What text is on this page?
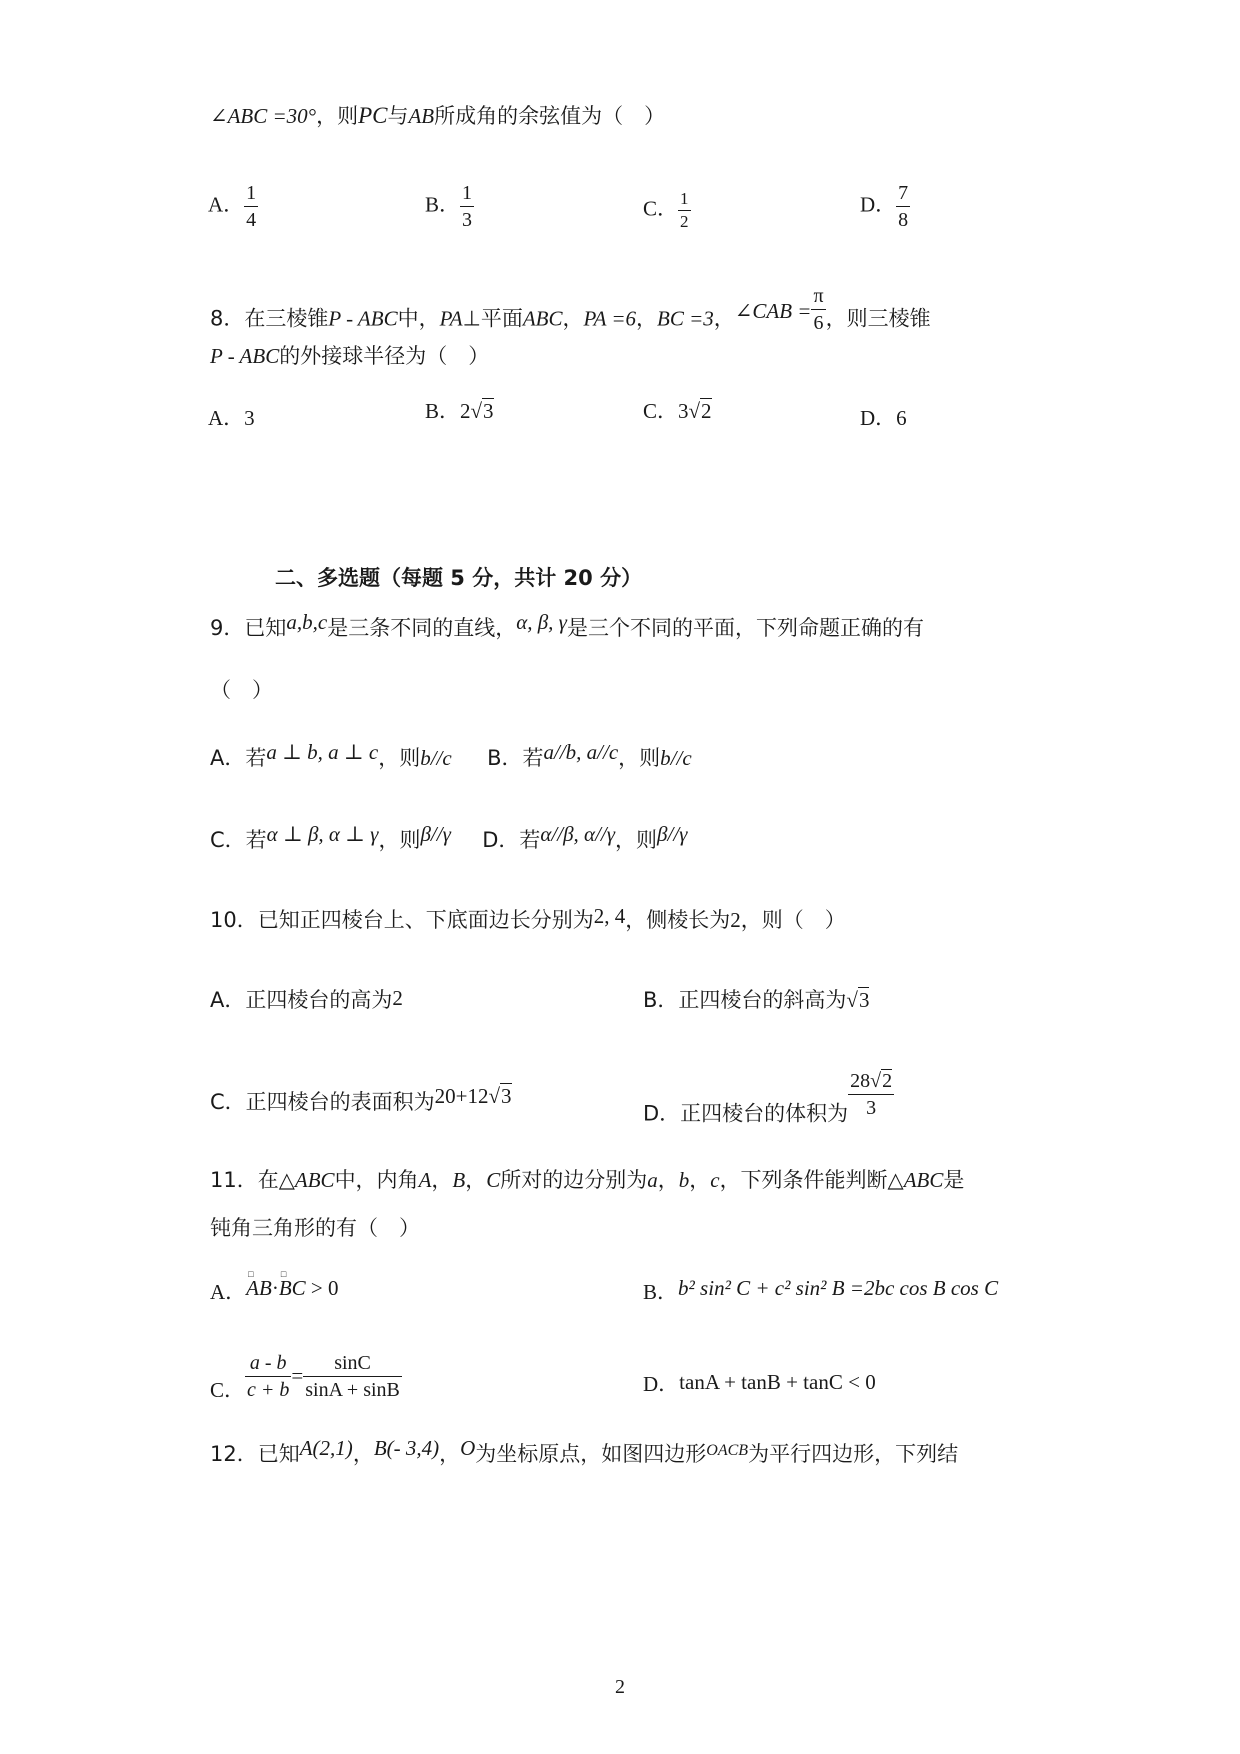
∠ABC =30°，则PC与AB所成角的余弦值为（　）
A． $\frac{1}{4}$	B． $\frac{1}{3}$	C． $\frac{1}{2}$	D． $\frac{7}{8}$
8．在三棱锥P - ABC中，PA⊥平面ABC，PA =6，BC =3，∠CAB = $\frac{\pi}{6}$ ，则三棱锥
P - ABC的外接球半径为（　）
A．3	B．2√3	C．3√2	D．6
二、多选题（每题 5 分，共计 20 分）
9．已知a,b,c是三条不同的直线，α, β, γ是三个不同的平面，下列命题正确的有
（　）
A．若a ⊥ b, a ⊥ c，则b//c B．若a//b, a//c，则b//c
C．若α ⊥ β, α ⊥ γ，则β//γ D．若α//β, α//γ，则β//γ
10．已知正四棱台上、下底面边长分别为2, 4，侧棱长为2，则（　）
A．正四棱台的高为2	B．正四棱台的斜高为√3
C．正四棱台的表面积为20+12√3
D．正四棱台的体积为 $\frac{28√2}{3}$
11．在△ABC中，内角A，B，C所对的边分别为a，b，c，下列条件能判断△ABC是
钝角三角形的有（　）
A．□ AB·□ BC > 0	B．b² sin² C + c² sin² B =2bc cos B cos C
C． $\frac{a - b}{c + b} = \frac{\sin C}{\sin A + \sin B}$	D．tanA + tanB + tanC < 0
12．已知A(2,1)，B(- 3,4)，O为坐标原点，如图四边形$^{OACB}$为平行四边形，下列结
2
